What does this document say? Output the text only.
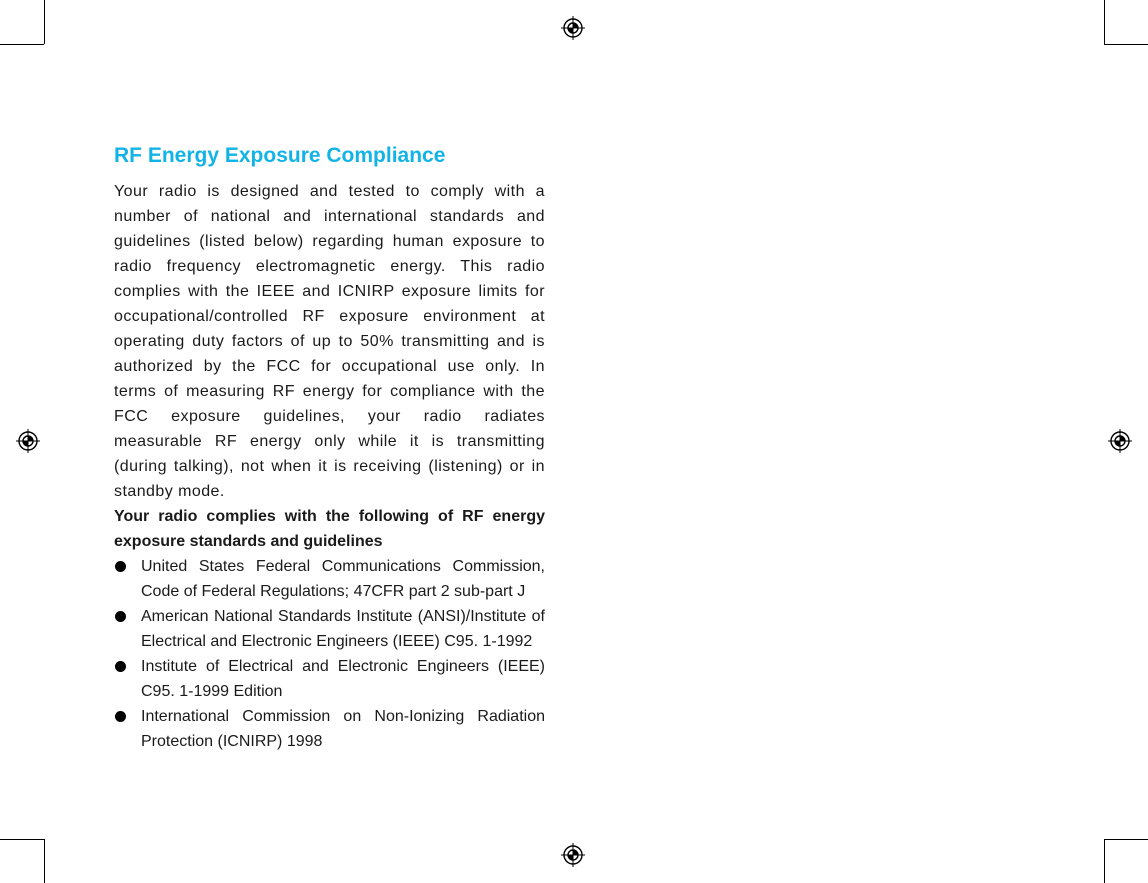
RF Energy Exposure Compliance

Your radio is designed and tested to comply with a number of national and international standards and guidelines (listed below) regarding human exposure to radio frequency electromagnetic energy. This radio complies with the IEEE and ICNIRP exposure limits for occupational/controlled RF exposure environment at operating duty factors of up to 50% transmitting and is authorized by the FCC for occupational use only. In terms of measuring RF energy for compliance with the FCC exposure guidelines, your radio radiates measurable RF energy only while it is transmitting (during talking), not when it is receiving (listening) or in standby mode.

Your radio complies with the following of RF energy exposure standards and guidelines

United States Federal Communications Commission, Code of Federal Regulations; 47CFR part 2 sub-part J
American National Standards Institute (ANSI)/Institute of Electrical and Electronic Engineers (IEEE) C95. 1-1992
Institute of Electrical and Electronic Engineers (IEEE) C95. 1-1999 Edition
International Commission on Non-Ionizing Radiation Protection (ICNIRP) 1998
